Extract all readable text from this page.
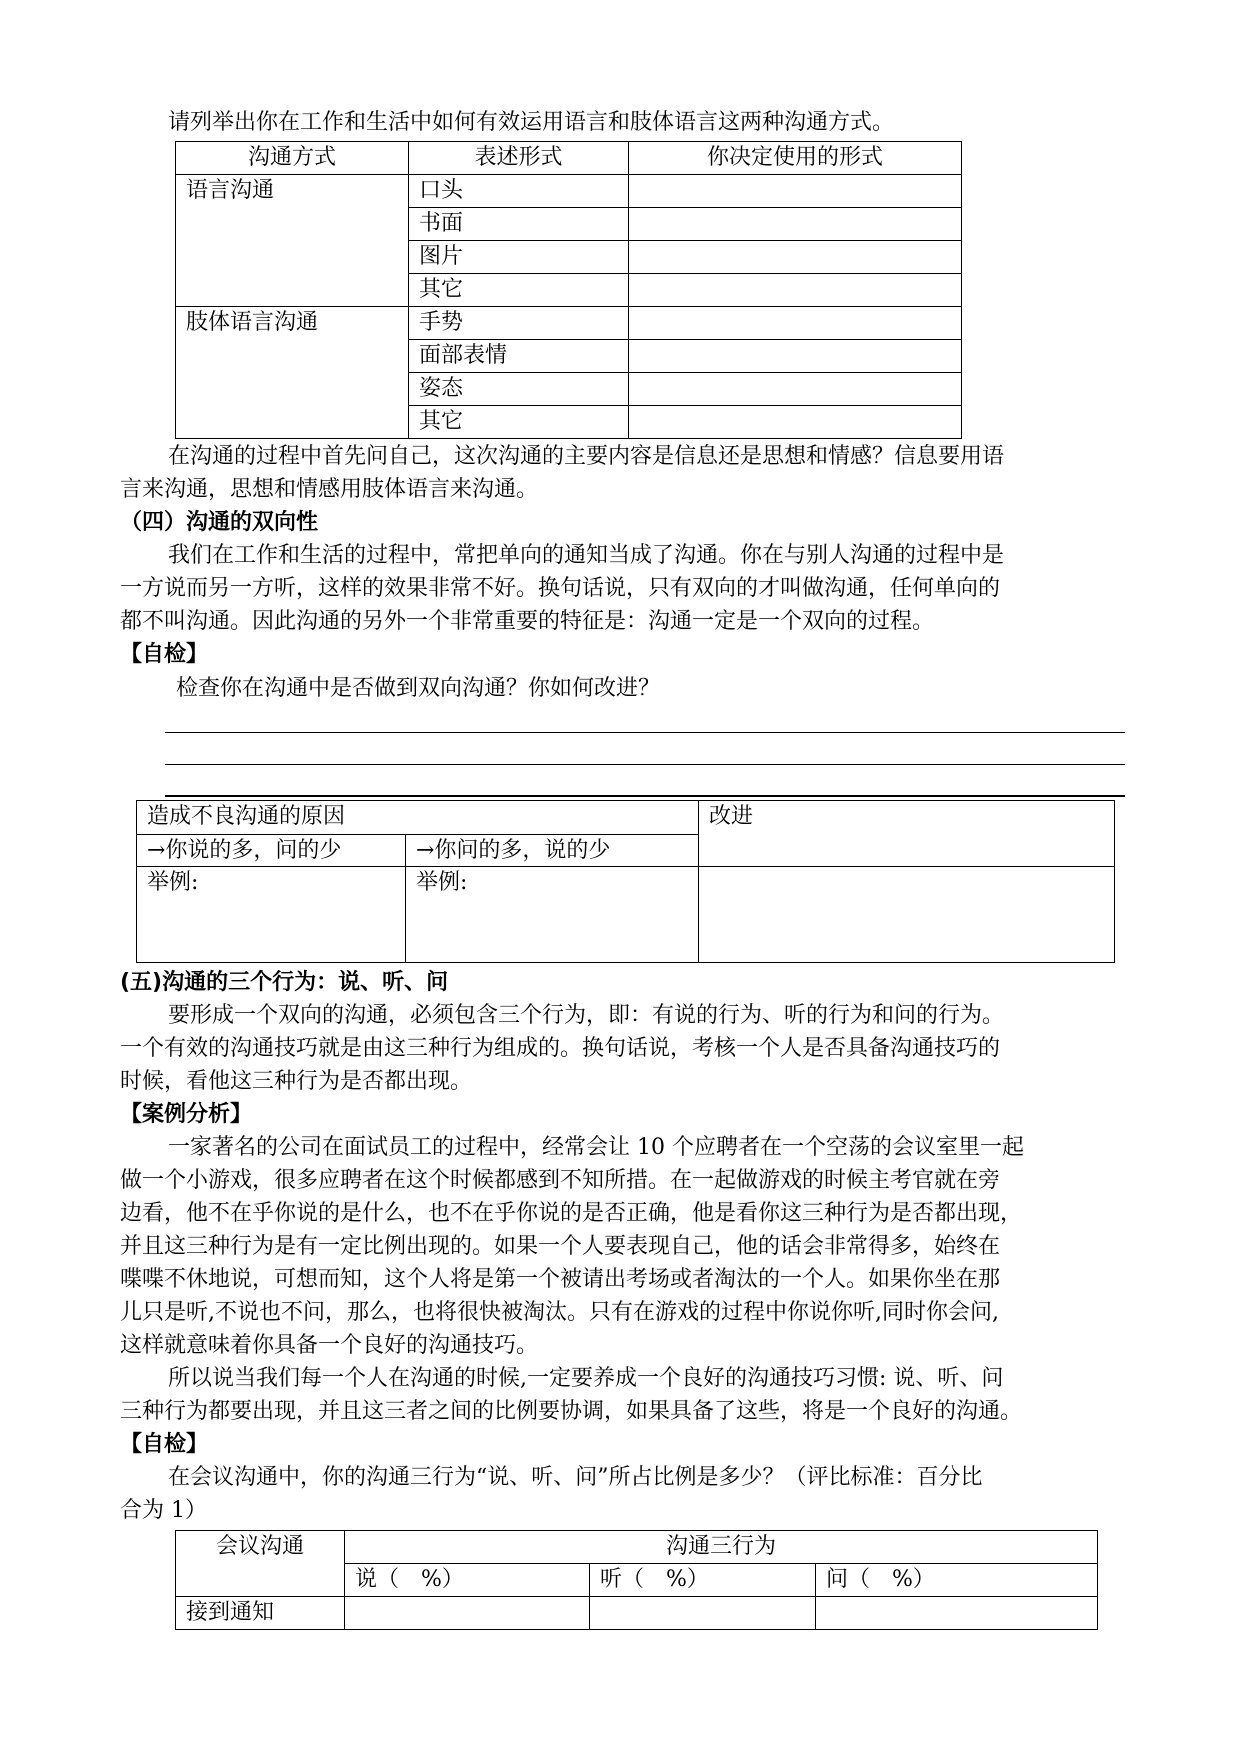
请列举出你在工作和生活中如何有效运用语言和肢体语言这两种沟通方式。
沟通方式	表述形式	你决定使用的形式
语言沟通	口头	
	书面	
	图片	
	其它	
肢体语言沟通	手势	
	面部表情	
	姿态	
	其它	
在沟通的过程中首先问自己，这次沟通的主要内容是信息还是思想和情感？信息要用语
言来沟通，思想和情感用肢体语言来沟通。
（四）沟通的双向性
我们在工作和生活的过程中，常把单向的通知当成了沟通。你在与别人沟通的过程中是
一方说而另一方听，这样的效果非常不好。换句话说，只有双向的才叫做沟通，任何单向的
都不叫沟通。因此沟通的另外一个非常重要的特征是：沟通一定是一个双向的过程。
【自检】
检查你在沟通中是否做到双向沟通？你如何改进？
造成不良沟通的原因		改进
→你说的多，问的少	→你问的多，说的少	
举例:	举例:	
(五)沟通的三个行为：说、听、问
要形成一个双向的沟通，必须包含三个行为，即：有说的行为、听的行为和问的行为。
一个有效的沟通技巧就是由这三种行为组成的。换句话说，考核一个人是否具备沟通技巧的
时候，看他这三种行为是否都出现。
【案例分析】
一家著名的公司在面试员工的过程中，经常会让 10 个应聘者在一个空荡的会议室里一起
做一个小游戏，很多应聘者在这个时候都感到不知所措。在一起做游戏的时候主考官就在旁
边看，他不在乎你说的是什么，也不在乎你说的是否正确，他是看你这三种行为是否都出现，
并且这三种行为是有一定比例出现的。如果一个人要表现自己，他的话会非常得多，始终在
喋喋不休地说，可想而知，这个人将是第一个被请出考场或者淘汰的一个人。如果你坐在那
儿只是听,不说也不问，那么，也将很快被淘汰。只有在游戏的过程中你说你听,同时你会问,
这样就意味着你具备一个良好的沟通技巧。
所以说当我们每一个人在沟通的时候,一定要养成一个良好的沟通技巧习惯: 说、听、问
三种行为都要出现，并且这三者之间的比例要协调，如果具备了这些，将是一个良好的沟通。
【自检】
在会议沟通中，你的沟通三行为“说、听、问”所占比例是多少？（评比标准：百分比
合为 1）
会议沟通	沟通三行为		
	说（　%）	听（　%）	问（　%）
接到通知			
